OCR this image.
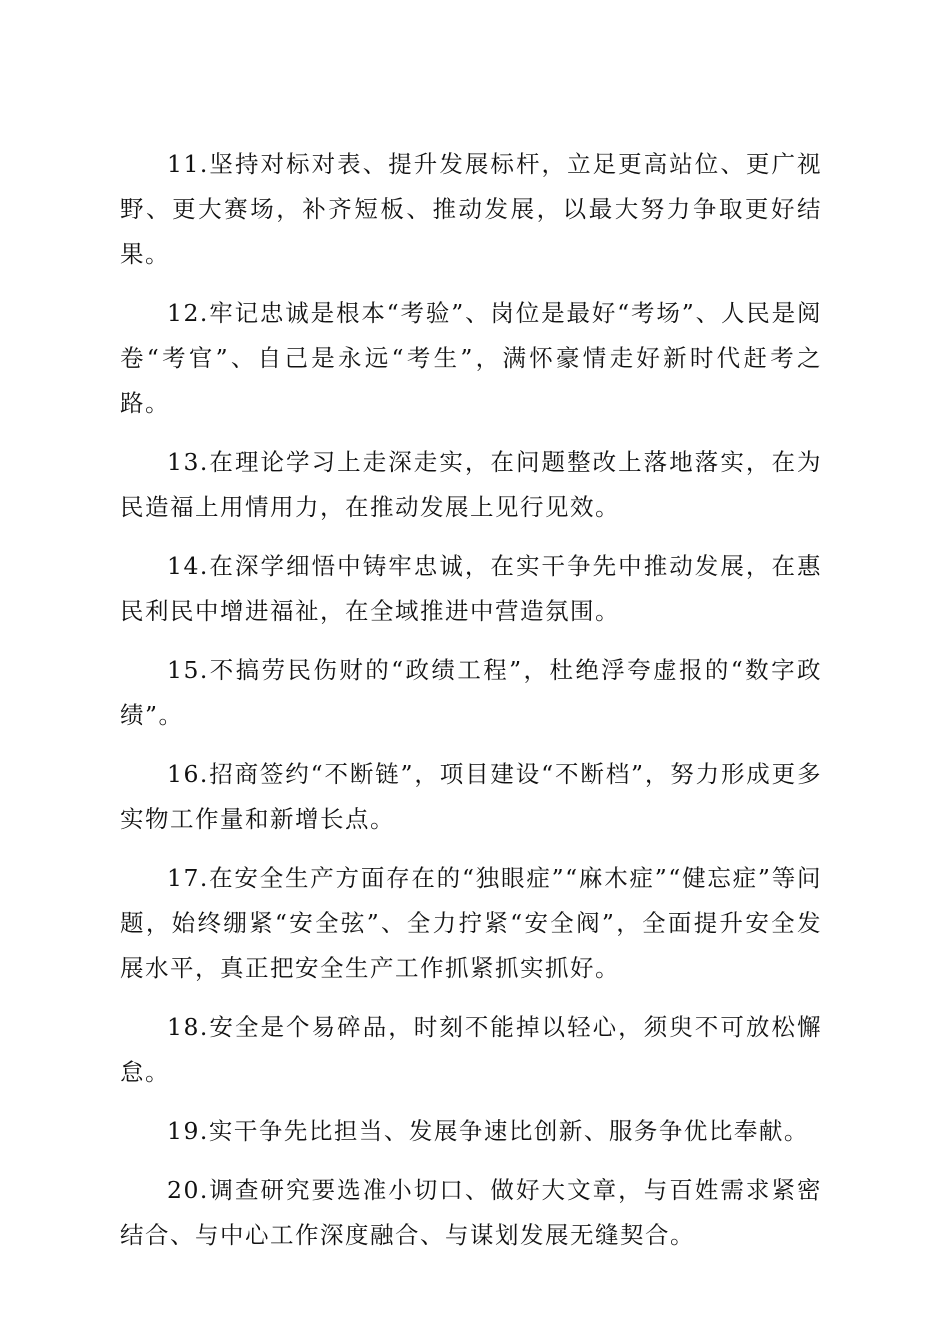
11.坚持对标对表、提升发展标杆，立足更高站位、更广视野、更大赛场，补齐短板、推动发展，以最大努力争取更好结果。

12.牢记忠诚是根本“考验”、岗位是最好“考场”、人民是阅卷“考官”、自己是永远“考生”，满怀豪情走好新时代赶考之路。

13.在理论学习上走深走实，在问题整改上落地落实，在为民造福上用情用力，在推动发展上见行见效。

14.在深学细悟中铸牢忠诚，在实干争先中推动发展，在惠民利民中增进福祉，在全域推进中营造氛围。

15.不搞劳民伤财的“政绩工程”，杜绝浮夸虚报的“数字政绩”。

16.招商签约“不断链”，项目建设“不断档”，努力形成更多实物工作量和新增长点。

17.在安全生产方面存在的“独眼症”“麻木症”“健忘症”等问题，始终绷紧“安全弦”、全力拧紧“安全阀”，全面提升安全发展水平，真正把安全生产工作抓紧抓实抓好。

18.安全是个易碎品，时刻不能掉以轻心，须臾不可放松懈怠。

19.实干争先比担当、发展争速比创新、服务争优比奉献。

20.调查研究要选准小切口、做好大文章，与百姓需求紧密结合、与中心工作深度融合、与谋划发展无缝契合。
